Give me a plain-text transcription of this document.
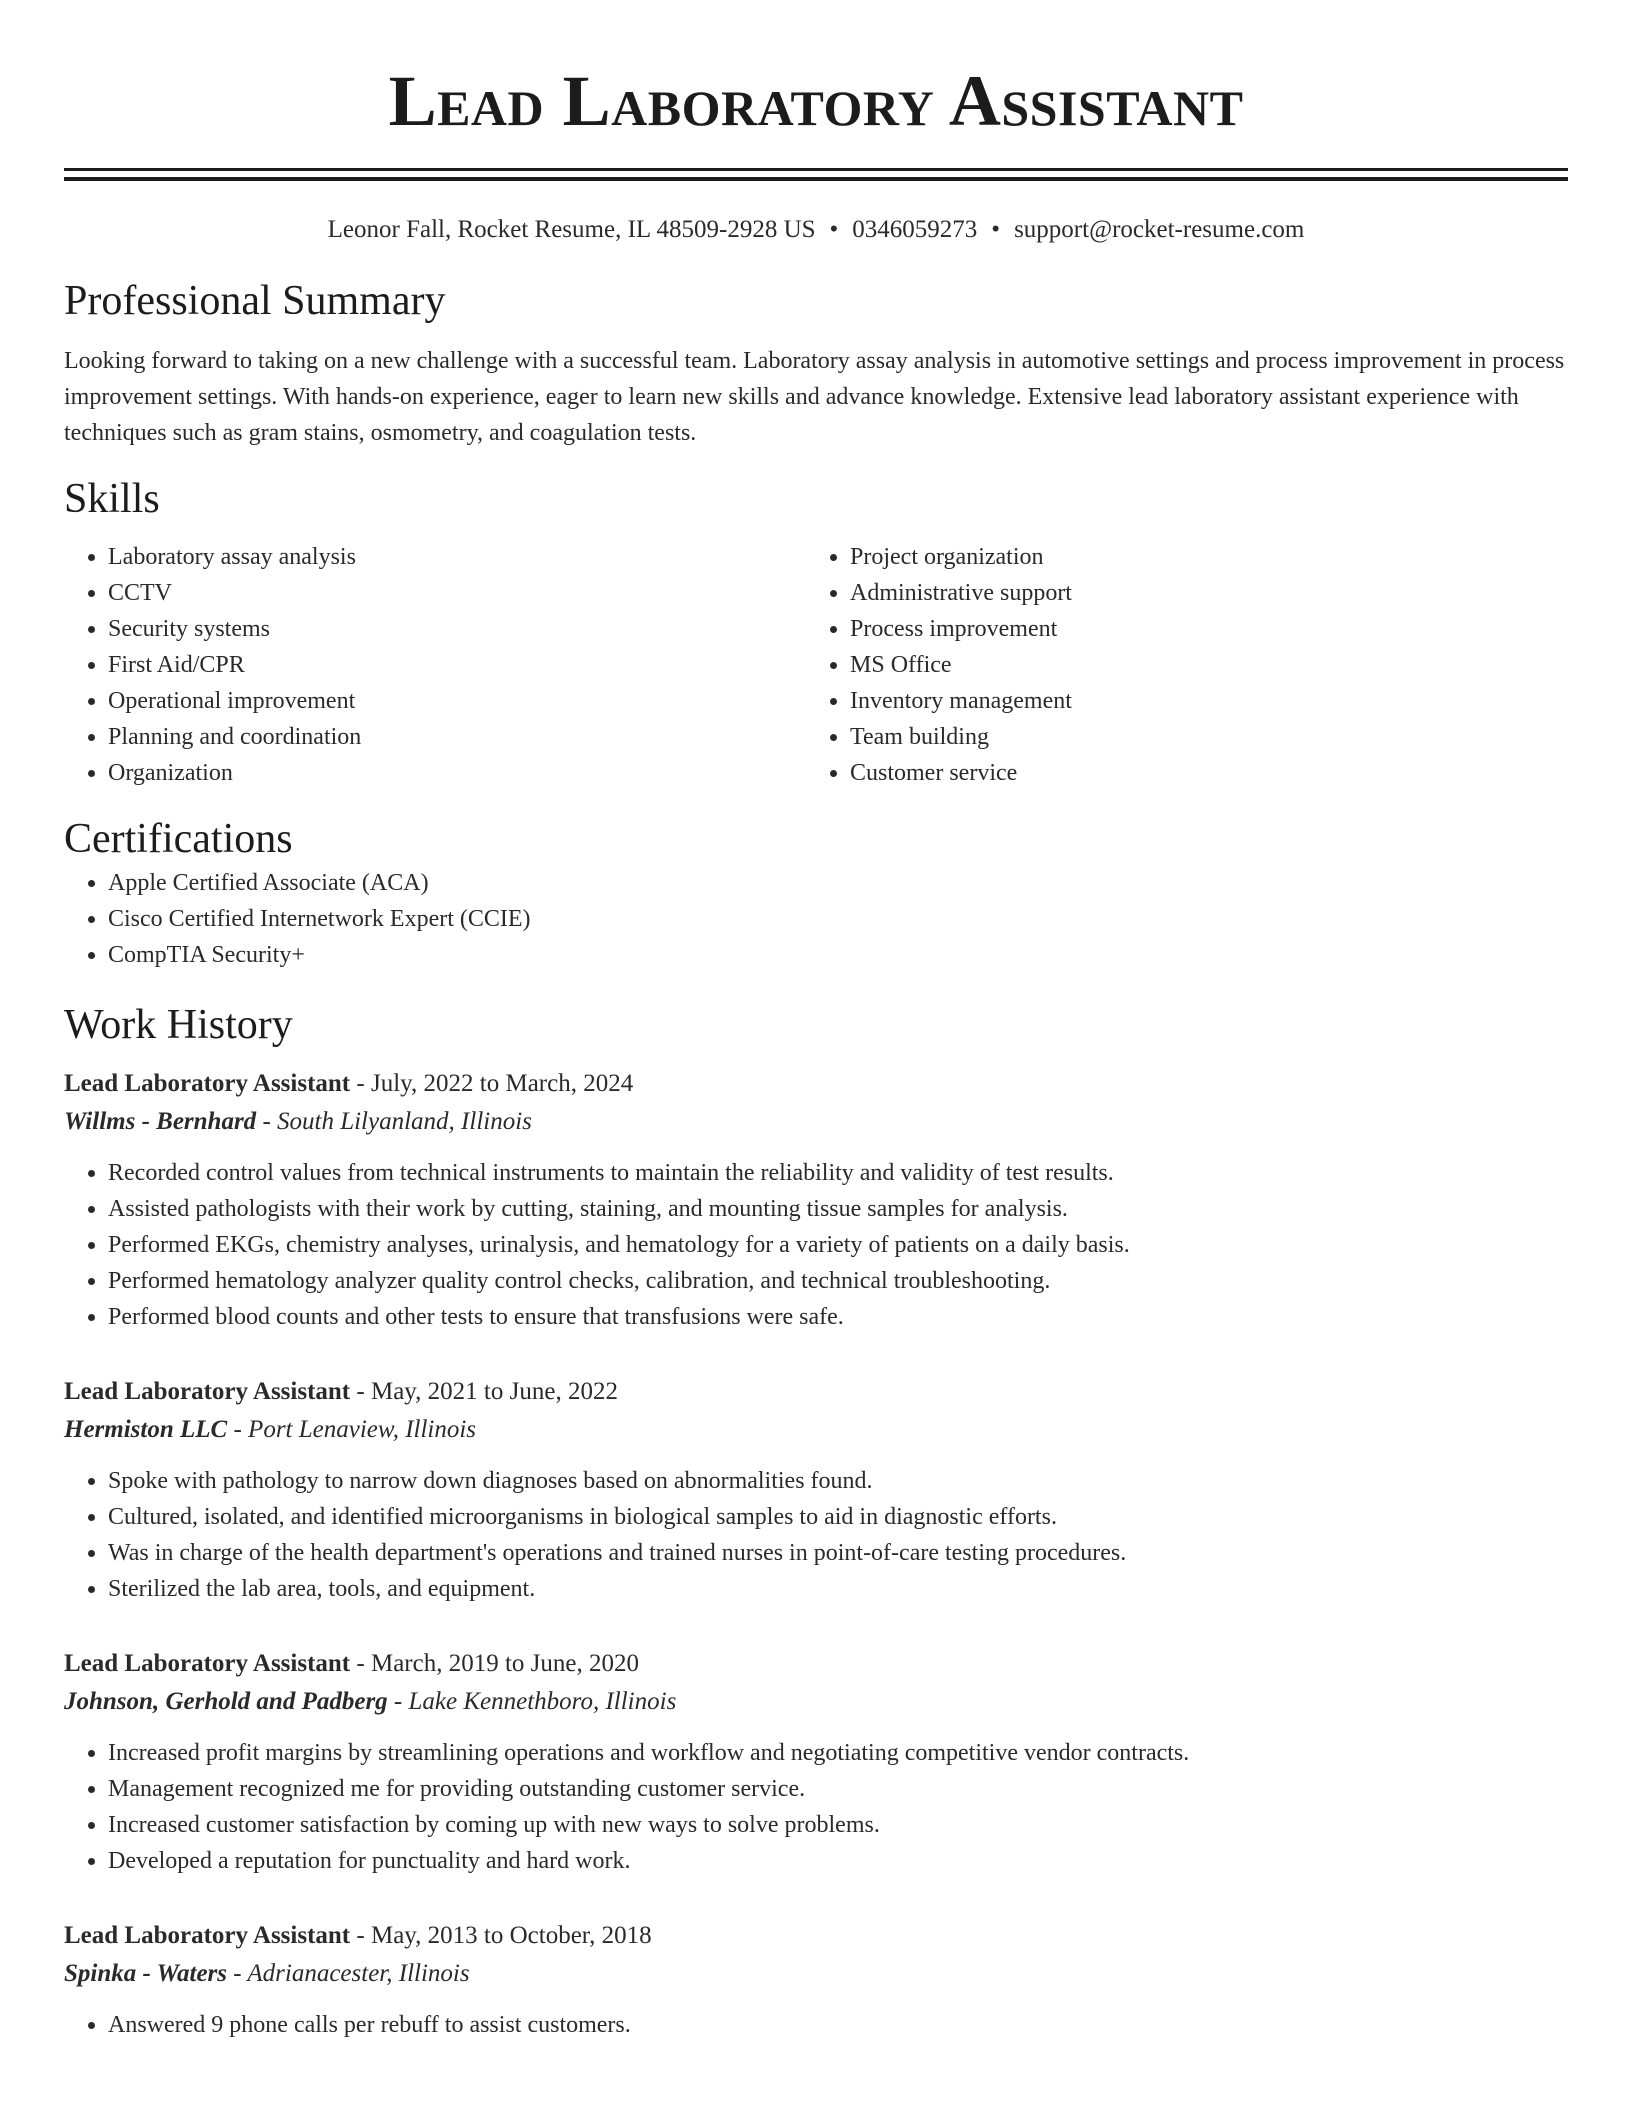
Lead Laboratory Assistant
Leonor Fall, Rocket Resume, IL 48509-2928 US • 0346059273 • support@rocket-resume.com
Professional Summary

Looking forward to taking on a new challenge with a successful team. Laboratory assay analysis in automotive settings and process improvement in process improvement settings. With hands-on experience, eager to learn new skills and advance knowledge. Extensive lead laboratory assistant experience with techniques such as gram stains, osmometry, and coagulation tests.

Skills
• Laboratory assay analysis
• CCTV
• Security systems
• First Aid/CPR
• Operational improvement
• Planning and coordination
• Organization
• Project organization
• Administrative support
• Process improvement
• MS Office
• Inventory management
• Team building
• Customer service
Certifications
• Apple Certified Associate (ACA)
• Cisco Certified Internetwork Expert (CCIE)
• CompTIA Security+
Work History
Lead Laboratory Assistant - July, 2022 to March, 2024
Willms - Bernhard - South Lilyanland, Illinois
• Recorded control values from technical instruments to maintain the reliability and validity of test results.
• Assisted pathologists with their work by cutting, staining, and mounting tissue samples for analysis.
• Performed EKGs, chemistry analyses, urinalysis, and hematology for a variety of patients on a daily basis.
• Performed hematology analyzer quality control checks, calibration, and technical troubleshooting.
• Performed blood counts and other tests to ensure that transfusions were safe.
Lead Laboratory Assistant - May, 2021 to June, 2022
Hermiston LLC - Port Lenaview, Illinois
• Spoke with pathology to narrow down diagnoses based on abnormalities found.
• Cultured, isolated, and identified microorganisms in biological samples to aid in diagnostic efforts.
• Was in charge of the health department's operations and trained nurses in point-of-care testing procedures.
• Sterilized the lab area, tools, and equipment.
Lead Laboratory Assistant - March, 2019 to June, 2020
Johnson, Gerhold and Padberg - Lake Kennethboro, Illinois
• Increased profit margins by streamlining operations and workflow and negotiating competitive vendor contracts.
• Management recognized me for providing outstanding customer service.
• Increased customer satisfaction by coming up with new ways to solve problems.
• Developed a reputation for punctuality and hard work.
Lead Laboratory Assistant - May, 2013 to October, 2018
Spinka - Waters - Adrianacester, Illinois
• Answered 9 phone calls per rebuff to assist customers.
